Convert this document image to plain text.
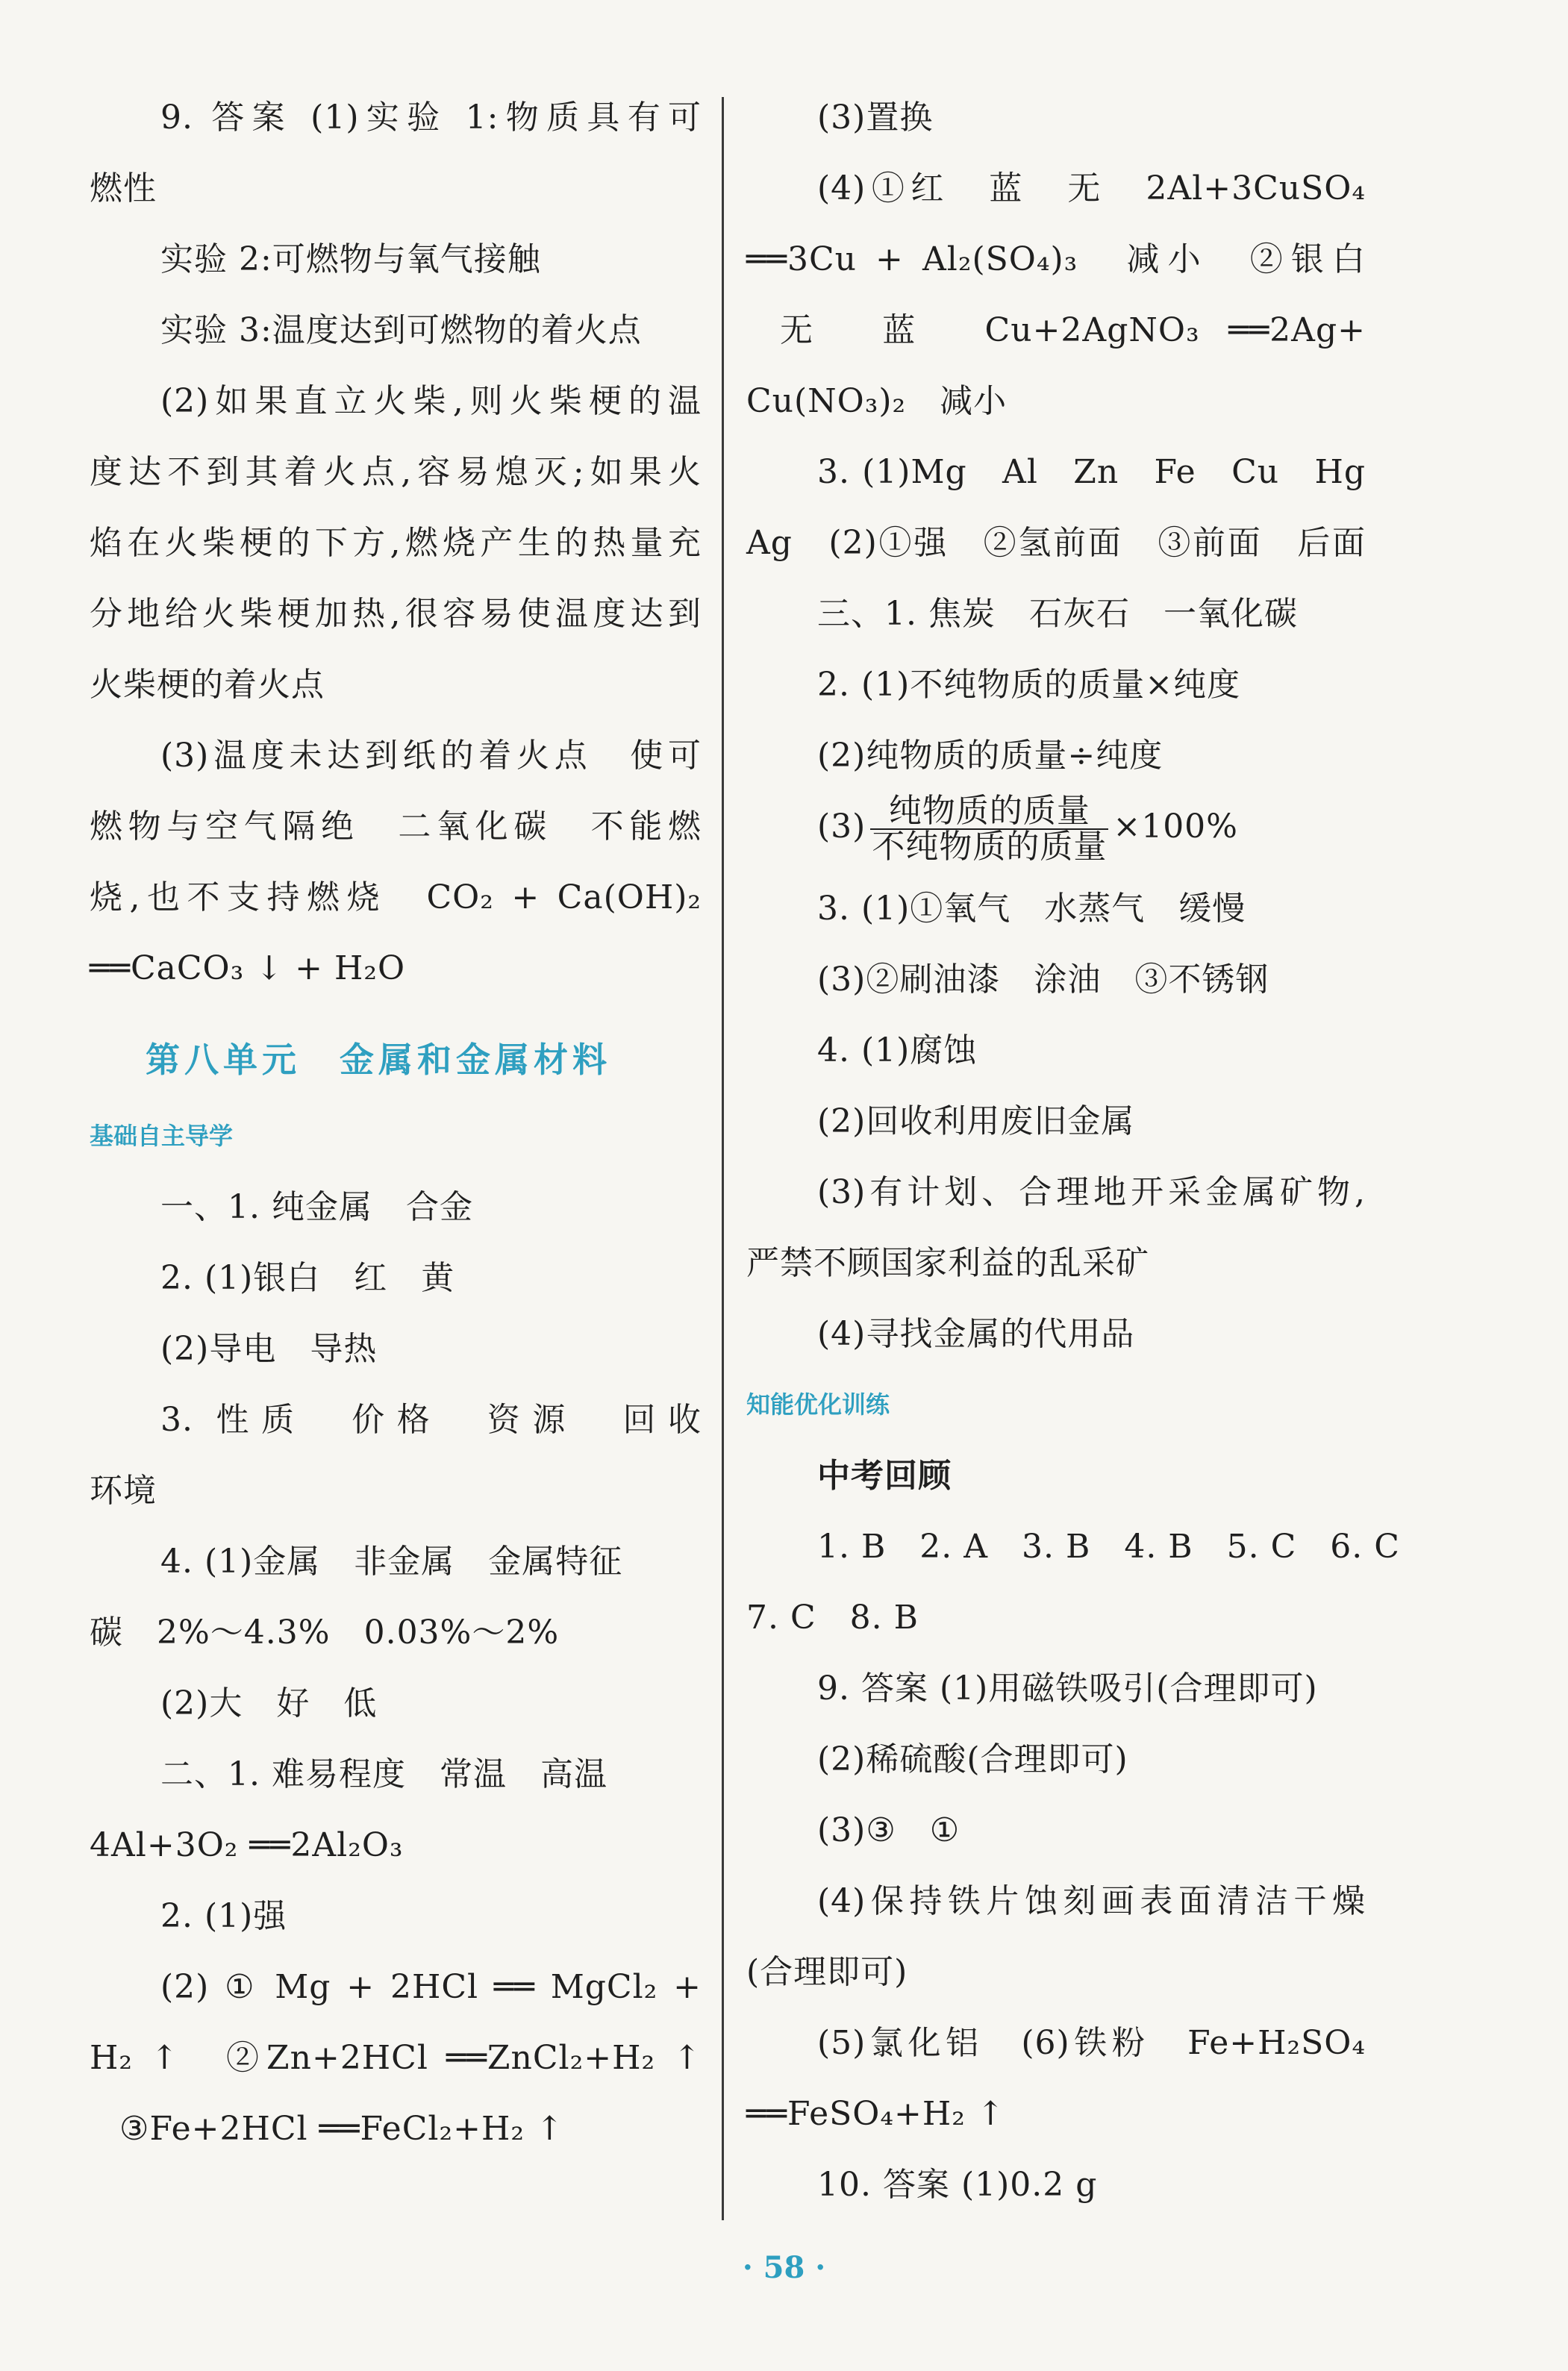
9. 答案 (1)实验 1:物质具有可
燃性
实验 2:可燃物与氧气接触
实验 3:温度达到可燃物的着火点
(2)如果直立火柴,则火柴梗的温
度达不到其着火点,容易熄灭;如果火
焰在火柴梗的下方,燃烧产生的热量充
分地给火柴梗加热,很容易使温度达到
火柴梗的着火点
(3)温度未达到纸的着火点　使可
燃物与空气隔绝　二氧化碳　不能燃
烧,也不支持燃烧　CO₂ + Ca(OH)₂
══CaCO₃ ↓ + H₂O
第八单元　金属和金属材料
基础自主导学
一、1. 纯金属　合金
2. (1)银白　红　黄
(2)导电　导热
3. 性质　价格　资源　回收
环境
4. (1)金属　非金属　金属特征
碳　2%～4.3%　0.03%～2%
(2)大　好　低
二、1. 难易程度　常温　高温
4Al+3O₂ ══2Al₂O₃
2. (1)强
(2) ① Mg + 2HCl ══ MgCl₂ +
H₂ ↑　②Zn+2HCl ══ZnCl₂+H₂ ↑
③Fe+2HCl ══FeCl₂+H₂ ↑
(3)置换
(4)①红　蓝　无　2Al+3CuSO₄
══3Cu + Al₂(SO₄)₃　减小　②银白
无　蓝　Cu+2AgNO₃ ══2Ag+
Cu(NO₃)₂　减小
3. (1)Mg　Al　Zn　Fe　Cu　Hg
Ag　(2)①强　②氢前面　③前面　后面
三、1. 焦炭　石灰石　一氧化碳
2. (1)不纯物质的质量×纯度
(2)纯物质的质量÷纯度
$(3) \frac{\text{纯物质的质量}}{\text{不纯物质的质量}} \times 100\%$
3. (1)①氧气　水蒸气　缓慢
(3)②刷油漆　涂油　③不锈钢
4. (1)腐蚀
(2)回收利用废旧金属
(3)有计划、合理地开采金属矿物,
严禁不顾国家利益的乱采矿
(4)寻找金属的代用品
知能优化训练
中考回顾
1. B　2. A　3. B　4. B　5. C　6. C
7. C　8. B
9. 答案 (1)用磁铁吸引(合理即可)
(2)稀硫酸(合理即可)
(3)③　①
(4)保持铁片蚀刻画表面清洁干燥
(合理即可)
(5)氯化铝　(6)铁粉　Fe+H₂SO₄
══FeSO₄+H₂ ↑
10. 答案 (1)0.2 g
· 58 ·
